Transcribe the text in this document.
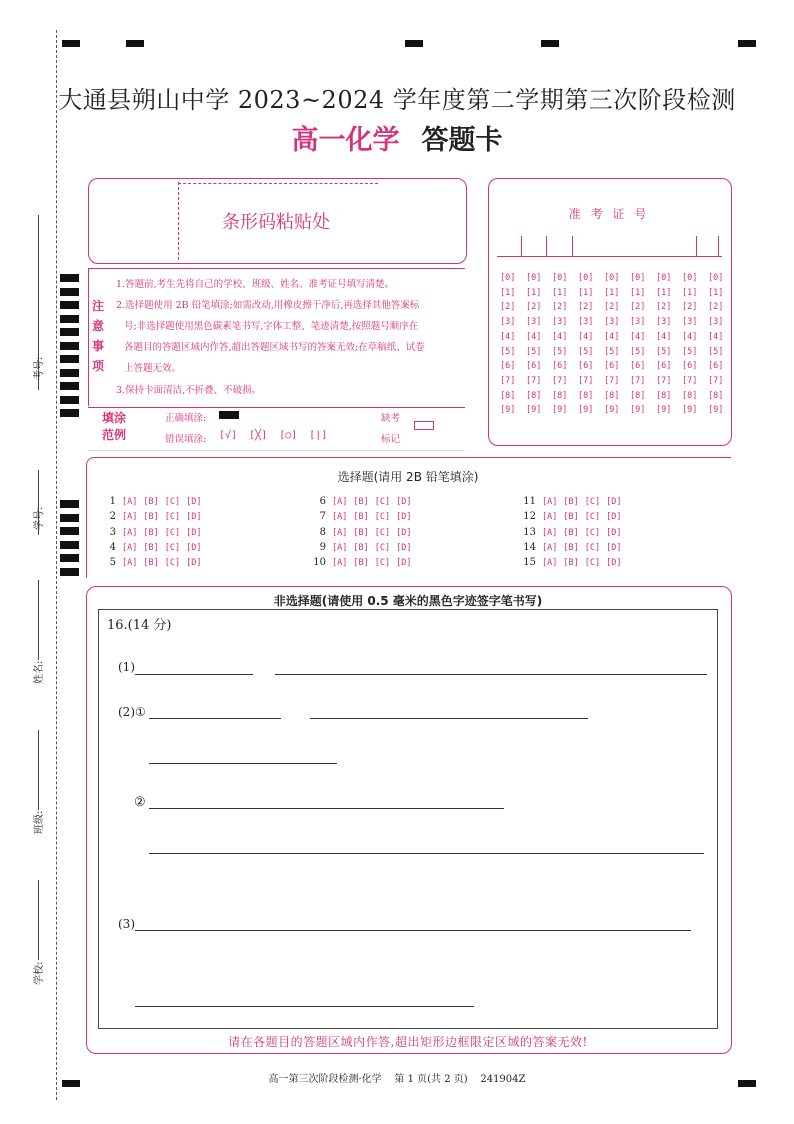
考号:
学号:
姓名:
班级:
学校:
大通县朔山中学 2023~2024 学年度第二学期第三次阶段检测
高一化学 答题卡
条形码粘贴处	准 考 证 号
[0]
[1]
[2]
[3]
[4]
[5]
[6]
[7]
[8]
[9]
[0]
[1]
[2]
[3]
[4]
[5]
[6]
[7]
[8]
[9]
[0]
[1]
[2]
[3]
[4]
[5]
[6]
[7]
[8]
[9]
[0]
[1]
[2]
[3]
[4]
[5]
[6]
[7]
[8]
[9]
[0]
[1]
[2]
[3]
[4]
[5]
[6]
[7]
[8]
[9]
[0]
[1]
[2]
[3]
[4]
[5]
[6]
[7]
[8]
[9]
[0]
[1]
[2]
[3]
[4]
[5]
[6]
[7]
[8]
[9]
[0]
[1]
[2]
[3]
[4]
[5]
[6]
[7]
[8]
[9]
[0]
[1]
[2]
[3]
[4]
[5]
[6]
[7]
[8]
[9]
注
意
事
项
1.答题前,考生先将自己的学校、班级、姓名、准考证号填写清楚。
2.选择题使用 2B 铅笔填涂;如需改动,用橡皮擦干净后,再选择其他答案标
号;非选择题使用黑色碳素笔书写,字体工整、笔迹清楚,按照题号顺序在
各题目的答题区域内作答,超出答题区域书写的答案无效;在草稿纸、试卷
上答题无效。
3.保持卡面清洁,不折叠、不破损。
填涂
范例
正确填涂:
错误填涂: [√] [╳] [○] [|]
缺考
标记
选择题(请用 2B 铅笔填涂)
1 [A] [B] [C] [D]
2 [A] [B] [C] [D]
3 [A] [B] [C] [D]
4 [A] [B] [C] [D]
5 [A] [B] [C] [D]
6 [A] [B] [C] [D]
7 [A] [B] [C] [D]
8 [A] [B] [C] [D]
9 [A] [B] [C] [D]
10 [A] [B] [C] [D]
11 [A] [B] [C] [D]
12 [A] [B] [C] [D]
13 [A] [B] [C] [D]
14 [A] [B] [C] [D]
15 [A] [B] [C] [D]
非选择题(请使用 0.5 毫米的黑色字迹签字笔书写)
16.(14 分)
(1)
(2)①
②
(3)
请在各题目的答题区域内作答,超出矩形边框限定区域的答案无效!
高一第三次阶段检测·化学    第 1 页(共 2 页)    241904Z
